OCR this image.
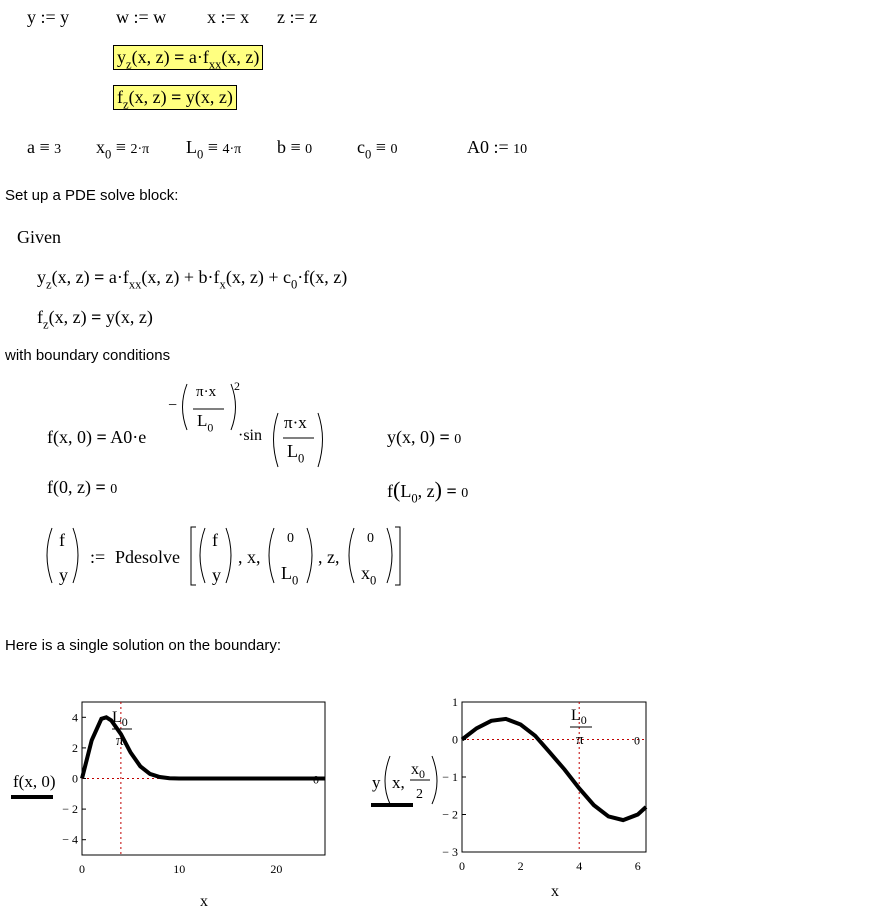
y := y	w := w x := x z := z
$y_z(x$, $z) = a\cdot f_{xx}(x$, z)
$f_z(x$, z) = y(x, z)
a ≡ 3 $x_0 \equiv 2\cdot\pi$ $L_0 \equiv 4\cdot\pi$ b ≡ 0 $c_0 \equiv 0$	A0 := 10
Set up a PDE solve block:
Given
$y_z(x$, $z) = a\cdot f_{xx}(x$, $z) + b\cdot f_x(x$, $z) + c_0\cdot f(x$, z)
$f_z(x$, z) = y(x, z)
with boundary conditions
f(x, 0) = A0·e
−
π·x
$L_0$
2
·sin
π·x
$L_0$
y(x, 0) = 0
f(0, z) = 0	$f(L_0$, z) = 0
f
y
:= Pdesolve
f
y
, x,
0
$L_0$
, z,
0
$x_0$
Here is a single solution on the boundary:
f(x, 0)
x
4
2
0
− 2
− 4
0	10	20
0
$L_0$
π
y x,
$x_0$
2
x
1
0
− 1
− 2
− 3
0	2	4	6
0
$L_0$
π
